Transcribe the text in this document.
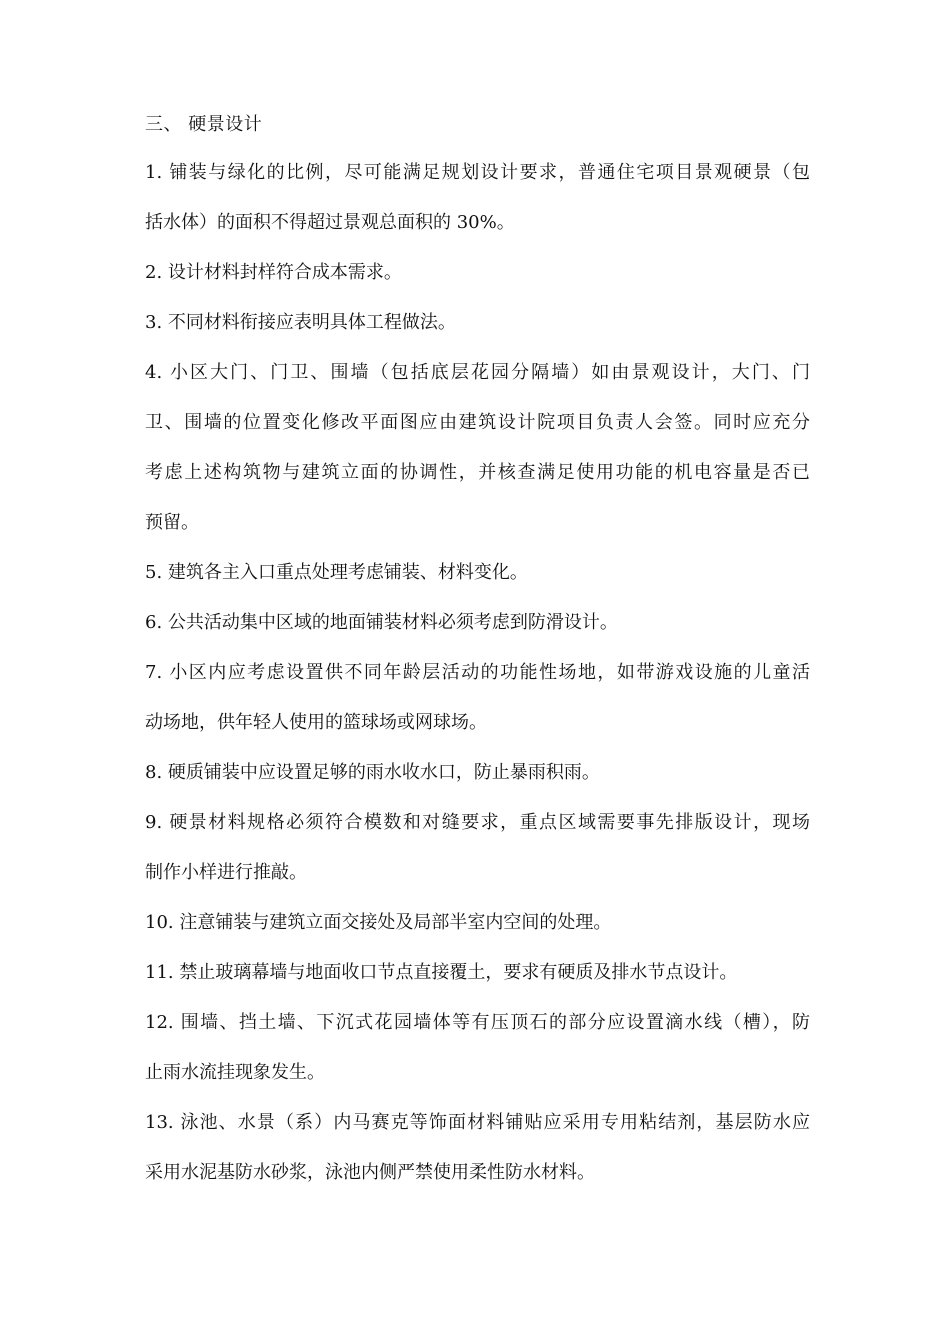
三、 硬景设计

1. 铺装与绿化的比例，尽可能满足规划设计要求，普通住宅项目景观硬景（包
括水体）的面积不得超过景观总面积的 30%。
2. 设计材料封样符合成本需求。
3. 不同材料衔接应表明具体工程做法。
4. 小区大门、门卫、围墙（包括底层花园分隔墙）如由景观设计，大门、门
卫、围墙的位置变化修改平面图应由建筑设计院项目负责人会签。同时应充分
考虑上述构筑物与建筑立面的协调性，并核查满足使用功能的机电容量是否已
预留。
5. 建筑各主入口重点处理考虑铺装、材料变化。
6. 公共活动集中区域的地面铺装材料必须考虑到防滑设计。
7. 小区内应考虑设置供不同年龄层活动的功能性场地，如带游戏设施的儿童活
动场地，供年轻人使用的篮球场或网球场。
8. 硬质铺装中应设置足够的雨水收水口，防止暴雨积雨。
9. 硬景材料规格必须符合模数和对缝要求，重点区域需要事先排版设计，现场
制作小样进行推敲。
10. 注意铺装与建筑立面交接处及局部半室内空间的处理。
11. 禁止玻璃幕墙与地面收口节点直接覆土，要求有硬质及排水节点设计。
12. 围墙、挡土墙、下沉式花园墙体等有压顶石的部分应设置滴水线（槽），防
止雨水流挂现象发生。
13. 泳池、水景（系）内马赛克等饰面材料铺贴应采用专用粘结剂，基层防水应
采用水泥基防水砂浆，泳池内侧严禁使用柔性防水材料。
